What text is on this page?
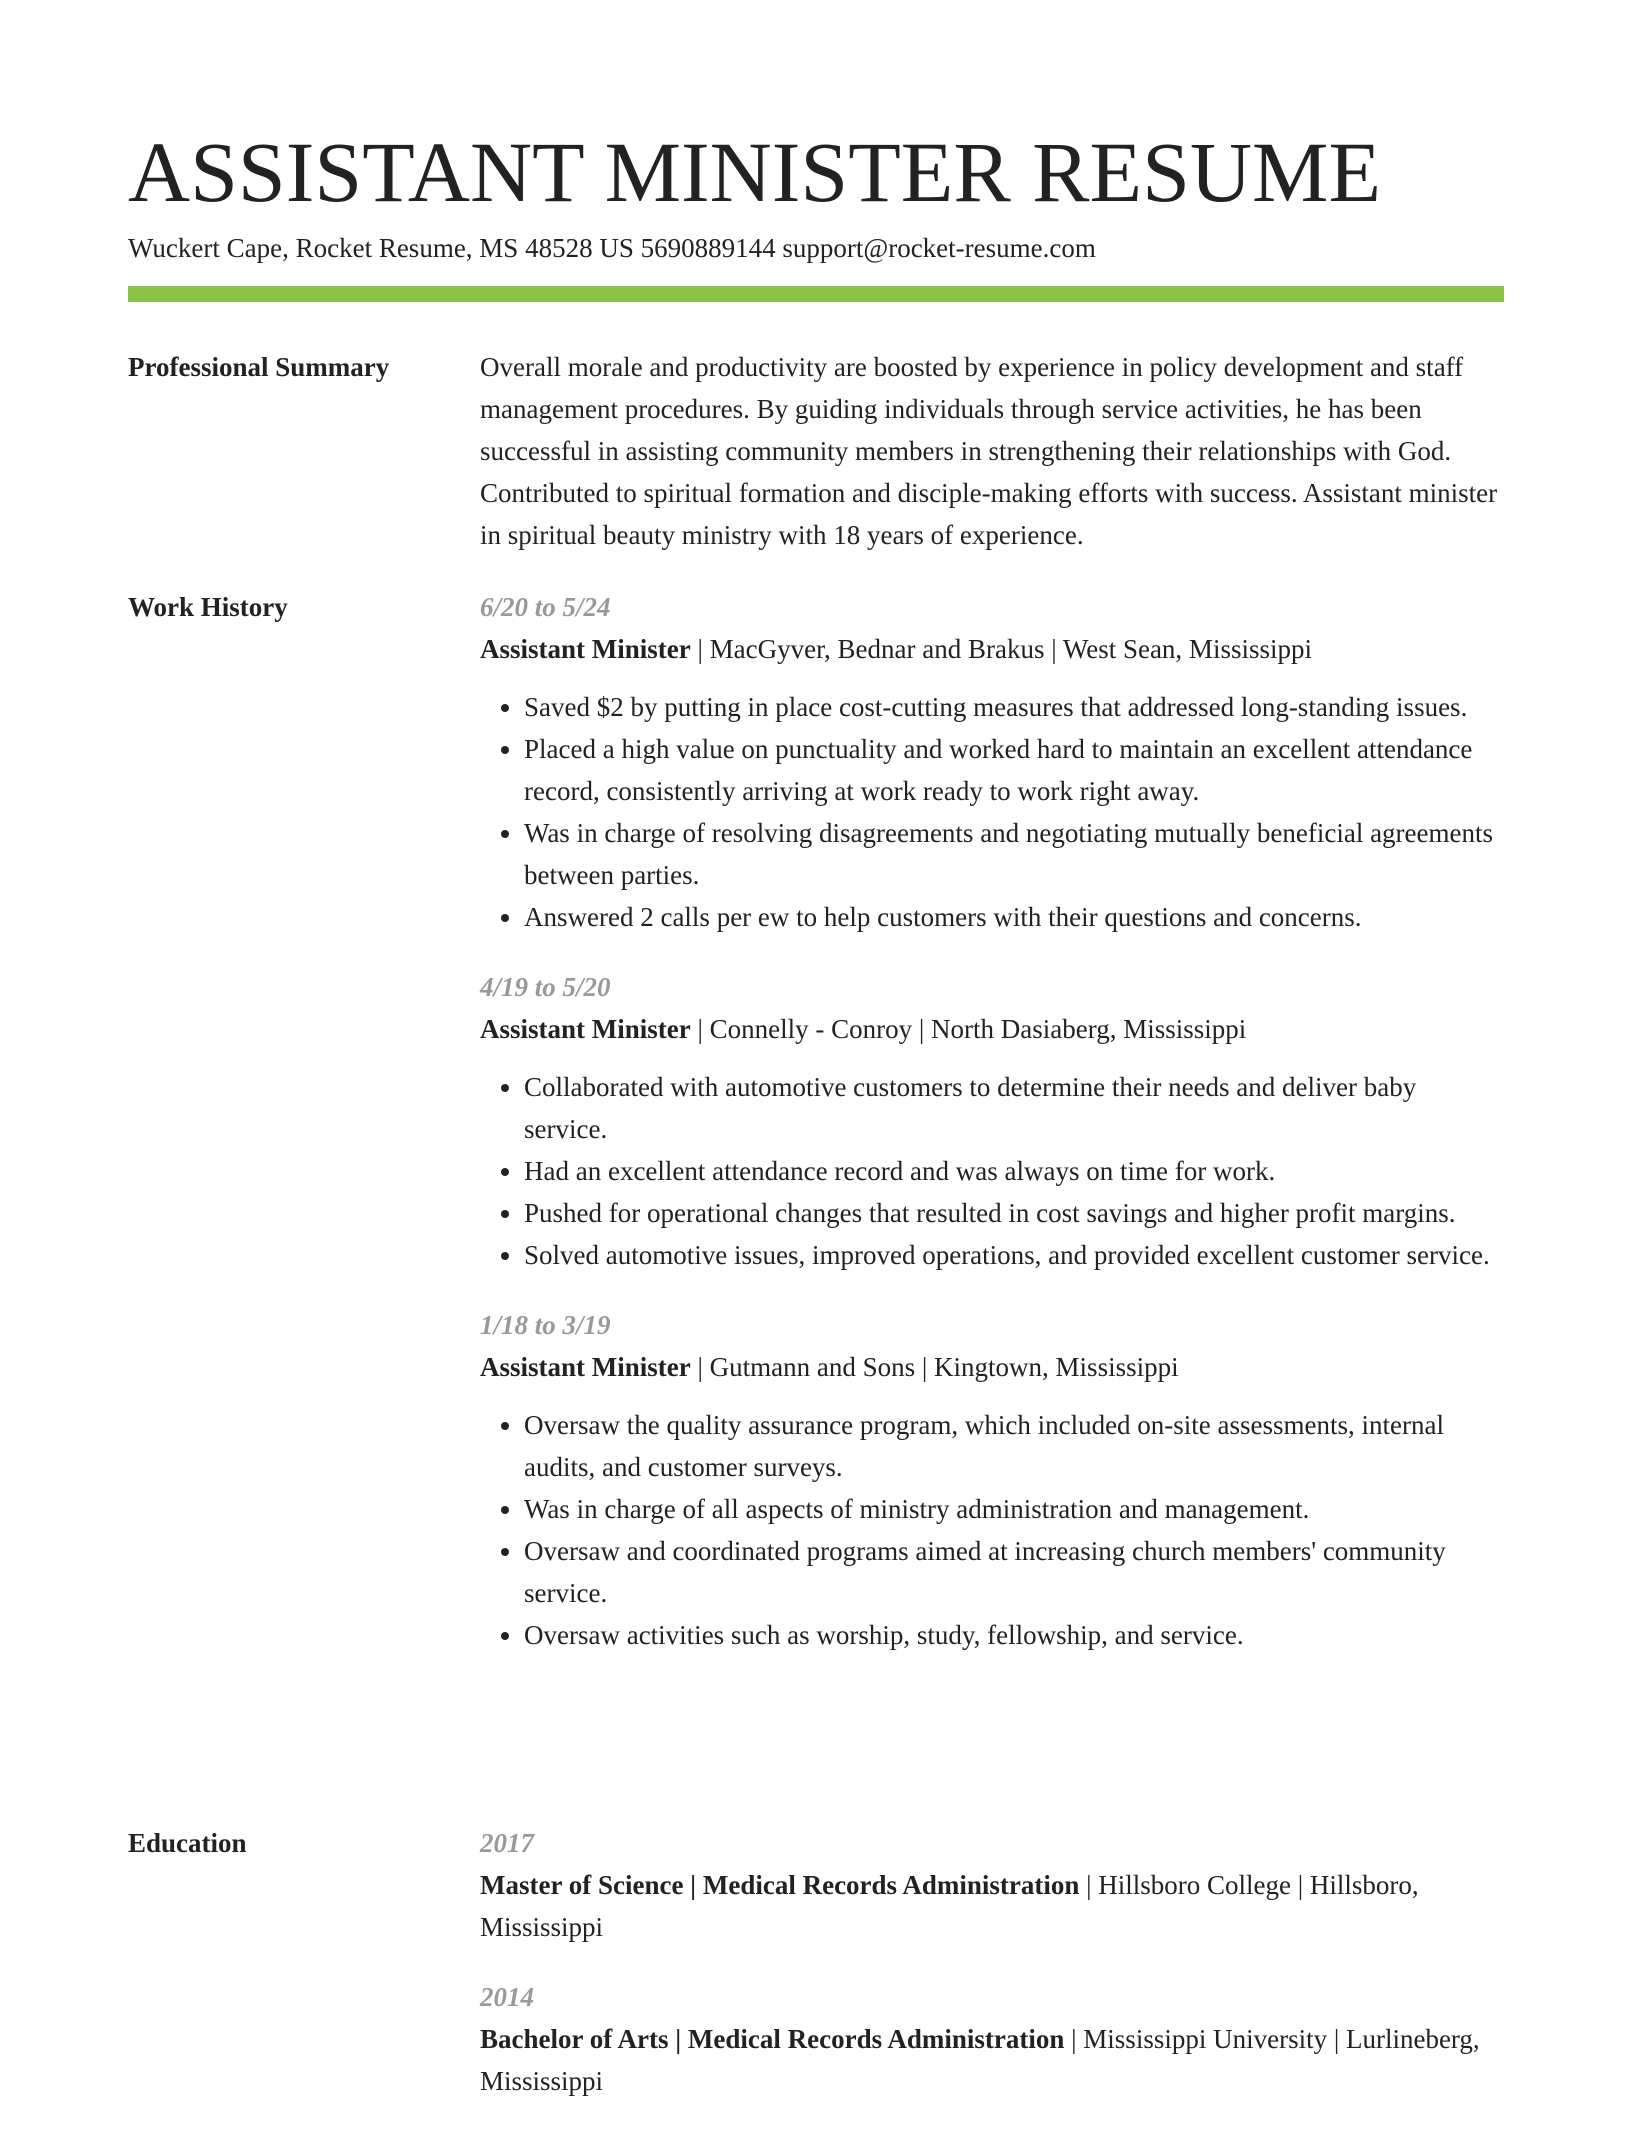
ASSISTANT MINISTER RESUME
Wuckert Cape, Rocket Resume, MS 48528 US 5690889144 support@rocket-resume.com
Professional Summary	Overall morale and productivity are boosted by experience in policy development and staff management procedures. By guiding individuals through service activities, he has been successful in assisting community members in strengthening their relationships with God. Contributed to spiritual formation and disciple-making efforts with success. Assistant minister in spiritual beauty ministry with 18 years of experience.

Work History	6/20 to 5/24
Assistant Minister | MacGyver, Bednar and Brakus | West Sean, Mississippi
• Saved $2 by putting in place cost-cutting measures that addressed long-standing issues.
• Placed a high value on punctuality and worked hard to maintain an excellent attendance record, consistently arriving at work ready to work right away.
• Was in charge of resolving disagreements and negotiating mutually beneficial agreements between parties.
• Answered 2 calls per ew to help customers with their questions and concerns.
4/19 to 5/20
Assistant Minister | Connelly - Conroy | North Dasiaberg, Mississippi
• Collaborated with automotive customers to determine their needs and deliver baby service.
• Had an excellent attendance record and was always on time for work.
• Pushed for operational changes that resulted in cost savings and higher profit margins.
• Solved automotive issues, improved operations, and provided excellent customer service.
1/18 to 3/19
Assistant Minister | Gutmann and Sons | Kingtown, Mississippi
• Oversaw the quality assurance program, which included on-site assessments, internal audits, and customer surveys.
• Was in charge of all aspects of ministry administration and management.
• Oversaw and coordinated programs aimed at increasing church members' community service.
• Oversaw activities such as worship, study, fellowship, and service.
Education	2017
Master of Science | Medical Records Administration | Hillsboro College | Hillsboro, Mississippi
2014
Bachelor of Arts | Medical Records Administration | Mississippi University | Lurlineberg, Mississippi
